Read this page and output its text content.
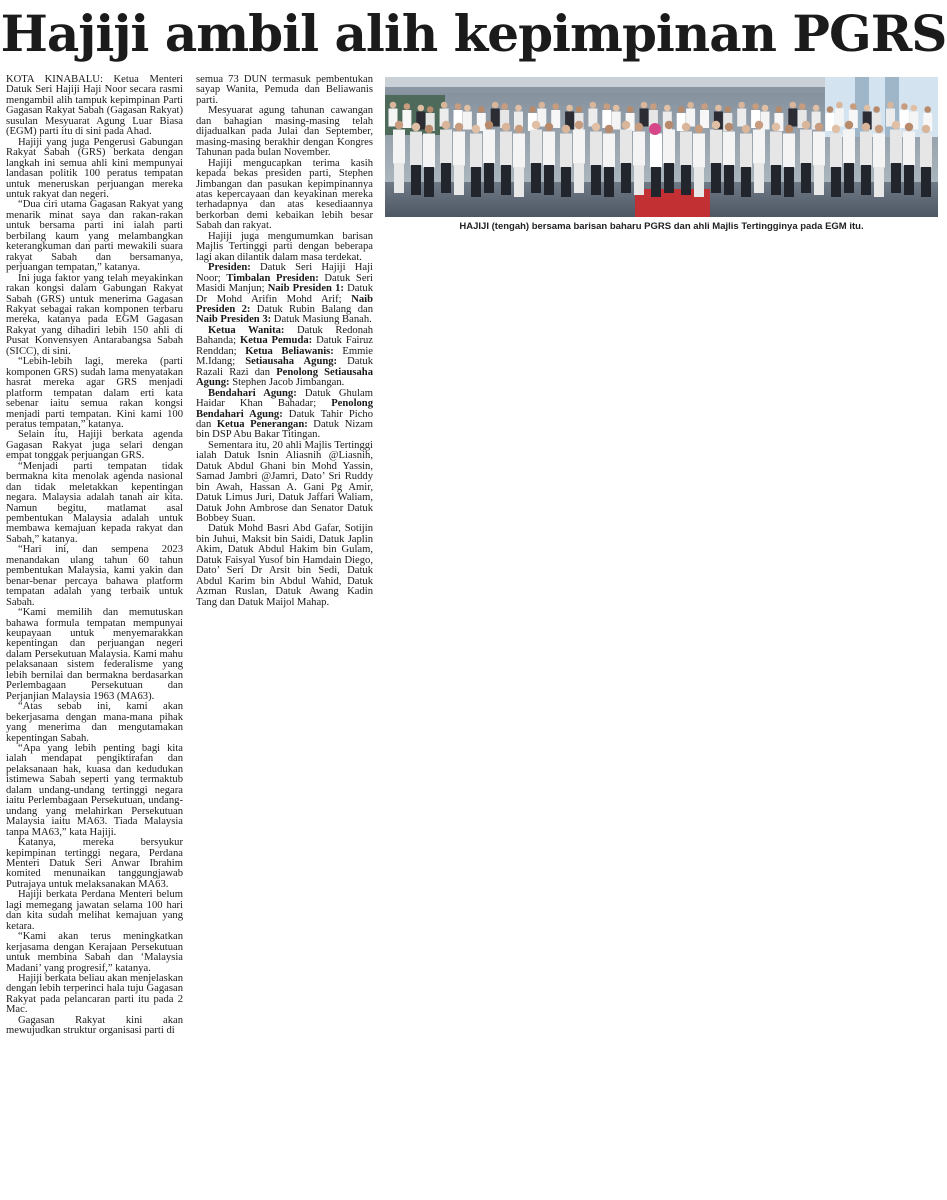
Hajiji ambil alih kepimpinan PGRS

KOTA KINABALU: Ketua Menteri Datuk Seri Hajiji Haji Noor secara rasmi mengambil alih tampuk kepimpinan Parti Gagasan Rakyat Sabah (Gagasan Rakyat) susulan Mesyuarat Agung Luar Biasa (EGM) parti itu di sini pada Ahad.

Hajiji yang juga Pengerusi Gabungan Rakyat Sabah (GRS) berkata dengan langkah ini semua ahli kini mempunyai landasan politik 100 peratus tempatan untuk meneruskan perjuangan mereka untuk rakyat dan negeri.

“Dua ciri utama Gagasan Rakyat yang menarik minat saya dan rakan-rakan untuk bersama parti ini ialah parti berbilang kaum yang melambangkan keterangkuman dan parti mewakili suara rakyat Sabah dan bersamanya, perjuangan tempatan,” katanya.

Ini juga faktor yang telah meyakinkan rakan kongsi dalam Gabungan Rakyat Sabah (GRS) untuk menerima Gagasan Rakyat sebagai rakan komponen terbaru mereka, katanya pada EGM Gagasan Rakyat yang dihadiri lebih 150 ahli di Pusat Konvensyen Antarabangsa Sabah (SICC), di sini.

“Lebih-lebih lagi, mereka (parti komponen GRS) sudah lama menyatakan hasrat mereka agar GRS menjadi platform tempatan dalam erti kata sebenar iaitu semua rakan kongsi menjadi parti tempatan. Kini kami 100 peratus tempatan,” katanya.

Selain itu, Hajiji berkata agenda Gagasan Rakyat juga selari dengan empat tonggak perjuangan GRS.

“Menjadi parti tempatan tidak bermakna kita menolak agenda nasional dan tidak meletakkan kepentingan negara. Malaysia adalah tanah air kita. Namun begitu, matlamat asal pembentukan Malaysia adalah untuk membawa kemajuan kepada rakyat dan Sabah,” katanya.

“Hari ini, dan sempena 2023 menandakan ulang tahun 60 tahun pembentukan Malaysia, kami yakin dan benar-benar percaya bahawa platform tempatan adalah yang terbaik untuk Sabah.

“Kami memilih dan memutuskan bahawa formula tempatan mempunyai keupayaan untuk menyemarakkan kepentingan dan perjuangan negeri dalam Persekutuan Malaysia. Kami mahu pelaksanaan sistem federalisme yang lebih bernilai dan bermakna berdasarkan Perlembagaan Persekutuan dan Perjanjian Malaysia 1963 (MA63).

“Atas sebab ini, kami akan bekerjasama dengan mana-mana pihak yang menerima dan mengutamakan kepentingan Sabah.

“Apa yang lebih penting bagi kita ialah mendapat pengiktirafan dan pelaksanaan hak, kuasa dan kedudukan istimewa Sabah seperti yang termaktub dalam undang-undang tertinggi negara iaitu Perlembagaan Persekutuan, undang-undang yang melahirkan Persekutuan Malaysia iaitu MA63. Tiada Malaysia tanpa MA63,” kata Hajiji.

Katanya, mereka bersyukur kepimpinan tertinggi negara, Perdana Menteri Datuk Seri Anwar Ibrahim komited menunaikan tanggungjawab Putrajaya untuk melaksanakan MA63.

Hajiji berkata Perdana Menteri belum lagi memegang jawatan selama 100 hari dan kita sudah melihat kemajuan yang ketara.

“Kami akan terus meningkatkan kerjasama dengan Kerajaan Persekutuan untuk membina Sabah dan ‘Malaysia Madani’ yang progresif,” katanya.

Hajiji berkata beliau akan menjelaskan dengan lebih terperinci hala tuju Gagasan Rakyat pada pelancaran parti itu pada 2 Mac.

Gagasan Rakyat kini akan mewujudkan struktur organisasi parti di

semua 73 DUN termasuk pembentukan sayap Wanita, Pemuda dan Beliawanis parti.

Mesyuarat agung tahunan cawangan dan bahagian masing-masing telah dijadualkan pada Julai dan September, masing-masing berakhir dengan Kongres Tahunan pada bulan November.

Hajiji mengucapkan terima kasih kepada bekas presiden parti, Stephen Jimbangan dan pasukan kepimpinannya atas kepercayaan dan keyakinan mereka terhadapnya dan atas kesediaannya berkorban demi kebaikan lebih besar Sabah dan rakyat.

Hajiji juga mengumumkan barisan Majlis Tertinggi parti dengan beberapa lagi akan dilantik dalam masa terdekat.

Presiden: Datuk Seri Hajiji Haji Noor; Timbalan Presiden: Datuk Seri Masidi Manjun; Naib Presiden 1: Datuk Dr Mohd Arifin Mohd Arif; Naib Presiden 2: Datuk Rubin Balang dan Naib Presiden 3: Datuk Masiung Banah.

Ketua Wanita: Datuk Redonah Bahanda; Ketua Pemuda: Datuk Fairuz Renddan; Ketua Beliawanis: Emmie M.Idang; Setiausaha Agung: Datuk Razali Razi dan Penolong Setiausaha Agung: Stephen Jacob Jimbangan.

Bendahari Agung: Datuk Ghulam Haidar Khan Bahadar; Penolong Bendahari Agung: Datuk Tahir Picho dan Ketua Penerangan: Datuk Nizam bin DSP Abu Bakar Titingan.

Sementara itu, 20 ahli Majlis Tertinggi ialah Datuk Isnin Aliasnih @Liasnih, Datuk Abdul Ghani bin Mohd Yassin, Samad Jambri @Jamri, Dato’ Sri Ruddy bin Awah, Hassan A. Gani Pg Amir, Datuk Limus Juri, Datuk Jaffari Waliam, Datuk John Ambrose dan Senator Datuk Bobbey Suan.

Datuk Mohd Basri Abd Gafar, Sotijin bin Juhui, Maksit bin Saidi, Datuk Japlin Akim, Datuk Abdul Hakim bin Gulam, Datuk Faisyal Yusof bin Hamdain Diego, Dato’ Seri Dr Arsit bin Sedi, Datuk Abdul Karim bin Abdul Wahid, Datuk Azman Ruslan, Datuk Awang Kadin Tang dan Datuk Maijol Mahap.

HAJIJI (tengah) bersama barisan baharu PGRS dan ahli Majlis Tertingginya pada EGM itu.
